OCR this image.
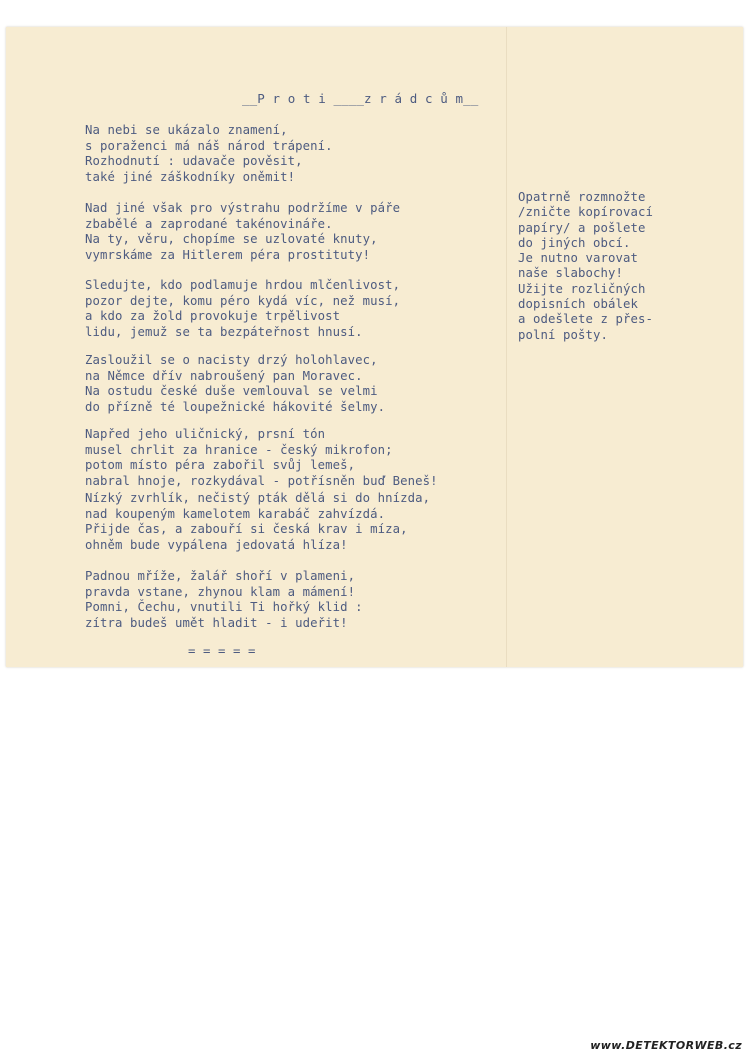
__P r o t i ____z r á d c ů m__
Na nebi se ukázalo znamení,
s poraženci má náš národ trápení.
Rozhodnutí : udavače pověsit,
také jiné záškodníky oněmit!
Nad jiné však pro výstrahu podržíme v páře
zbabělé a zaprodané takénovináře.
Na ty, věru, chopíme se uzlovaté knuty,
vymrskáme za Hitlerem péra prostituty!
Sledujte, kdo podlamuje hrdou mlčenlivost,
pozor dejte, komu péro kydá víc, než musí,
a kdo za žold provokuje trpělivost
lidu, jemuž se ta bezpáteřnost hnusí.
Zasloužil se o nacisty drzý holohlavec,
na Němce dřív nabroušený pan Moravec.
Na ostudu české duše vemlouval se velmi
do přízně té loupežnické hákovité šelmy.
Napřed jeho uličnický, prsní tón
musel chrlit za hranice - český mikrofon;
potom místo péra zabořil svůj lemeš,
nabral hnoje, rozkydával - potřísněn buď Beneš!
Nízký zvrhlík, nečistý pták dělá si do hnízda,
nad koupeným kamelotem karabáč zahvízdá.
Přijde čas, a zabouří si česká krav i míza,
ohněm bude vypálena jedovatá hlíza!
Padnou mříže, žalář shoří v plameni,
pravda vstane, zhynou klam a mámení!
Pomni, Čechu, vnutili Ti hořký klid :
zítra budeš umět hladit - i udeřit!
= = = = =
Opatrně rozmnožte
/zničte kopírovací
papíry/ a pošlete
do jiných obcí.
Je nutno varovat
naše slabochy!
Užijte rozličných
dopisních obálek
a odešlete z přes-
polní pošty.
www.DETEKTORWEB.cz
